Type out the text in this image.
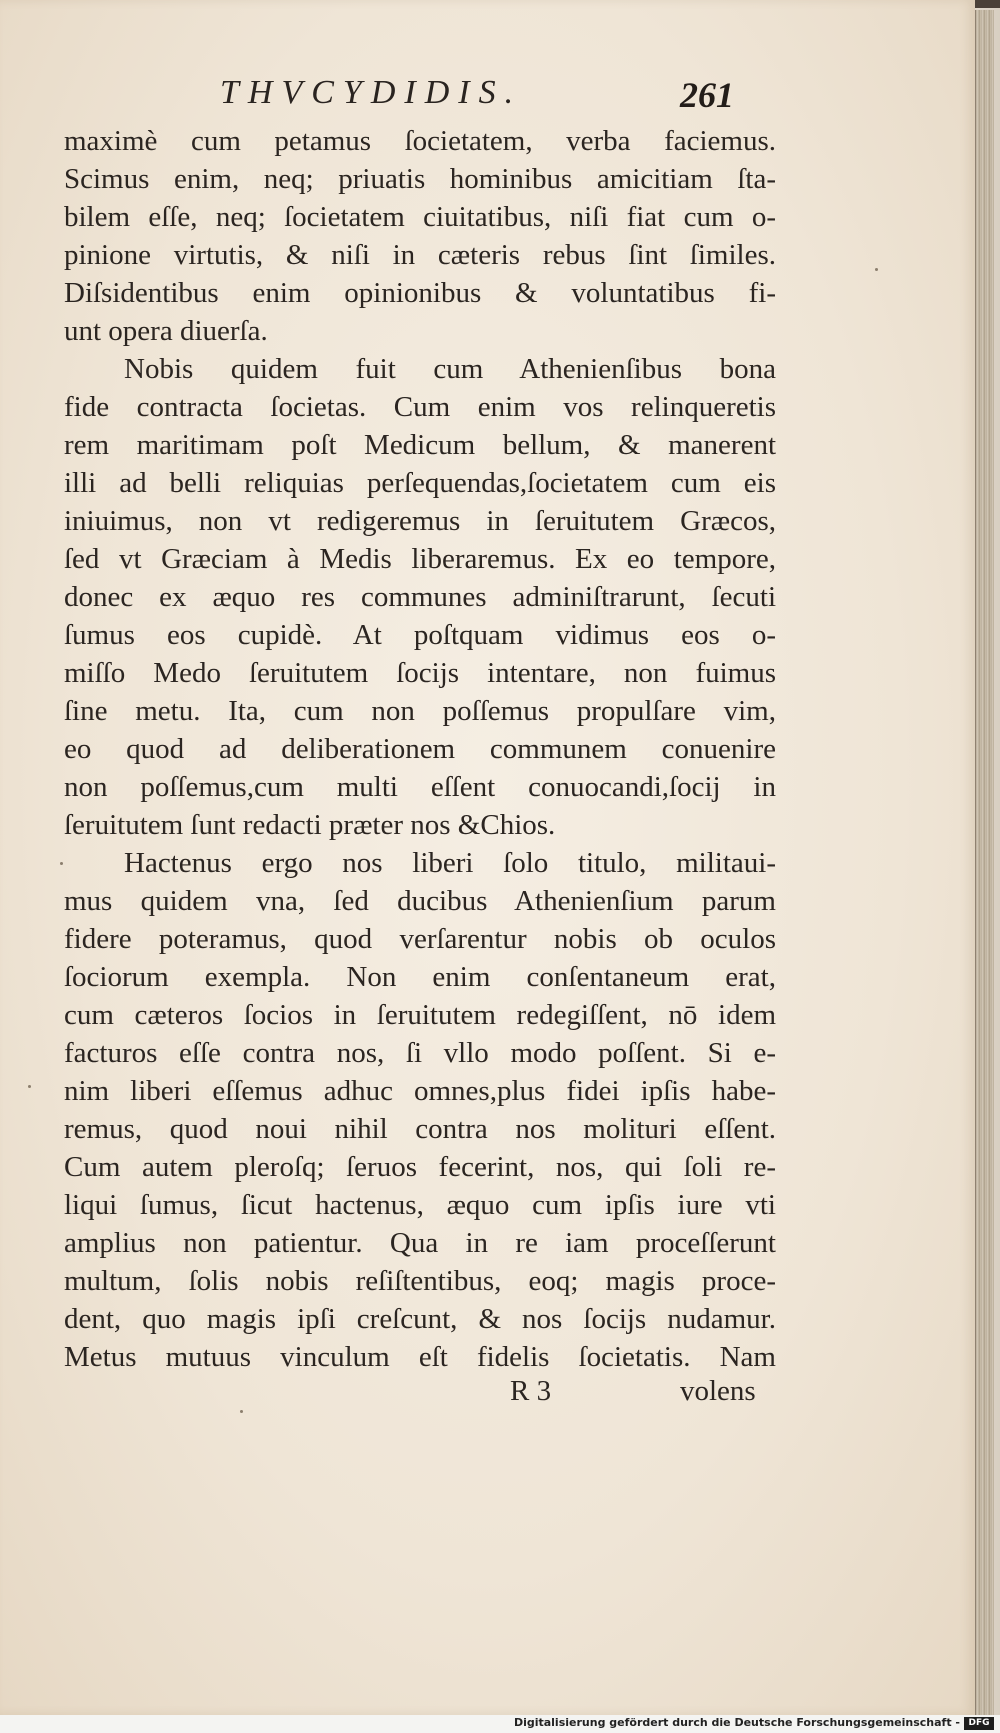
THVCYDIDIS.	261
maximè cum petamus ſocietatem, verba faciemus.
Scimus enim, neq; priuatis hominibus amicitiam ſta-
bilem eſſe, neq; ſocietatem ciuitatibus, niſi fiat cum o-
pinione virtutis, & niſi in cæteris rebus ſint ſimiles.
Diſsidentibus enim opinionibus & voluntatibus fi-
unt opera diuerſa.
Nobis quidem fuit cum Athenienſibus bona
fide contracta ſocietas. Cum enim vos relinqueretis
rem maritimam poſt Medicum bellum, & manerent
illi ad belli reliquias perſequendas,ſocietatem cum eis
iniuimus, non vt redigeremus in ſeruitutem Græcos,
ſed vt Græciam à Medis liberaremus. Ex eo tempore,
donec ex æquo res communes adminiſtrarunt, ſecuti
ſumus eos cupidè. At poſtquam vidimus eos o-
miſſo Medo ſeruitutem ſocijs intentare, non fuimus
ſine metu. Ita, cum non poſſemus propulſare vim,
eo quod ad deliberationem communem conuenire
non poſſemus,cum multi eſſent conuocandi,ſocij in
ſeruitutem ſunt redacti præter nos &Chios.
Hactenus ergo nos liberi ſolo titulo, militaui-
mus quidem vna, ſed ducibus Athenienſium parum
fidere poteramus, quod verſarentur nobis ob oculos
ſociorum exempla. Non enim conſentaneum erat,
cum cæteros ſocios in ſeruitutem redegiſſent, nō idem
facturos eſſe contra nos, ſi vllo modo poſſent. Si e-
nim liberi eſſemus adhuc omnes,plus fidei ipſis habe-
remus, quod noui nihil contra nos molituri eſſent.
Cum autem pleroſq; ſeruos fecerint, nos, qui ſoli re-
liqui ſumus, ſicut hactenus, æquo cum ipſis iure vti
amplius non patientur. Qua in re iam proceſſerunt
multum, ſolis nobis reſiſtentibus, eoq; magis proce-
dent, quo magis ipſi creſcunt, & nos ſocijs nudamur.
Metus mutuus vinculum eſt fidelis ſocietatis. Nam
R 3	volens
Digitalisierung gefördert durch die Deutsche Forschungsgemeinschaft - DFG
